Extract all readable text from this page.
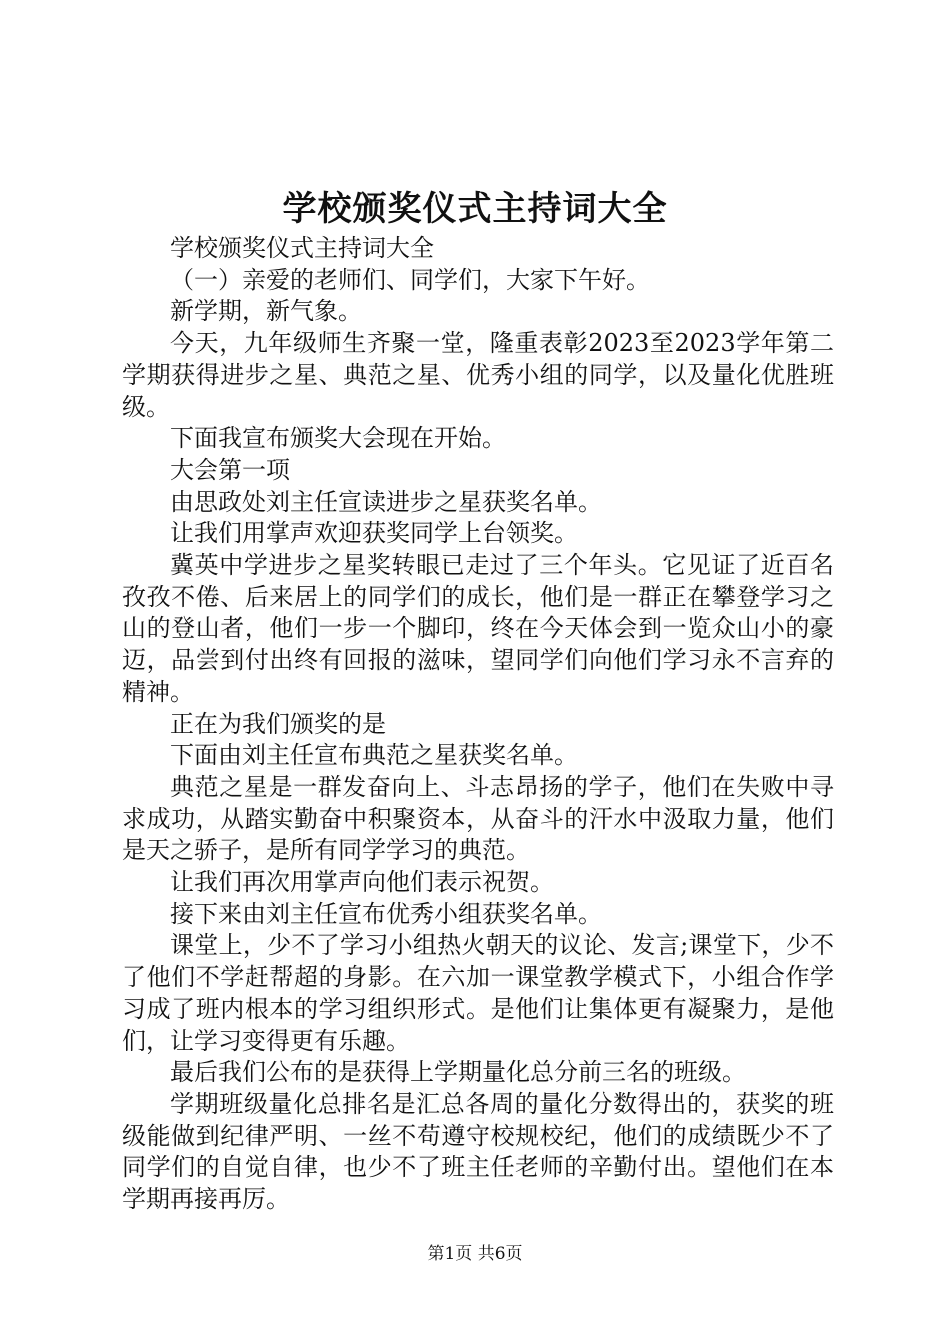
学校颁奖仪式主持词大全

学校颁奖仪式主持词大全

（一）亲爱的老师们、同学们，大家下午好。

新学期，新气象。

今天，九年级师生齐聚一堂，隆重表彰2023至2023学年第二学期获得进步之星、典范之星、优秀小组的同学，以及量化优胜班级。

下面我宣布颁奖大会现在开始。

大会第一项

由思政处刘主任宣读进步之星获奖名单。

让我们用掌声欢迎获奖同学上台领奖。

冀英中学进步之星奖转眼已走过了三个年头。它见证了近百名孜孜不倦、后来居上的同学们的成长，他们是一群正在攀登学习之山的登山者，他们一步一个脚印，终在今天体会到一览众山小的豪迈，品尝到付出终有回报的滋味，望同学们向他们学习永不言弃的精神。

正在为我们颁奖的是

下面由刘主任宣布典范之星获奖名单。

典范之星是一群发奋向上、斗志昂扬的学子，他们在失败中寻求成功，从踏实勤奋中积聚资本，从奋斗的汗水中汲取力量，他们是天之骄子，是所有同学学习的典范。

让我们再次用掌声向他们表示祝贺。

接下来由刘主任宣布优秀小组获奖名单。

课堂上，少不了学习小组热火朝天的议论、发言;课堂下，少不了他们不学赶帮超的身影。在六加一课堂教学模式下，小组合作学习成了班内根本的学习组织形式。是他们让集体更有凝聚力，是他们，让学习变得更有乐趣。

最后我们公布的是获得上学期量化总分前三名的班级。

学期班级量化总排名是汇总各周的量化分数得出的，获奖的班级能做到纪律严明、一丝不苟遵守校规校纪，他们的成绩既少不了同学们的自觉自律，也少不了班主任老师的辛勤付出。望他们在本学期再接再厉。

第1页 共6页
